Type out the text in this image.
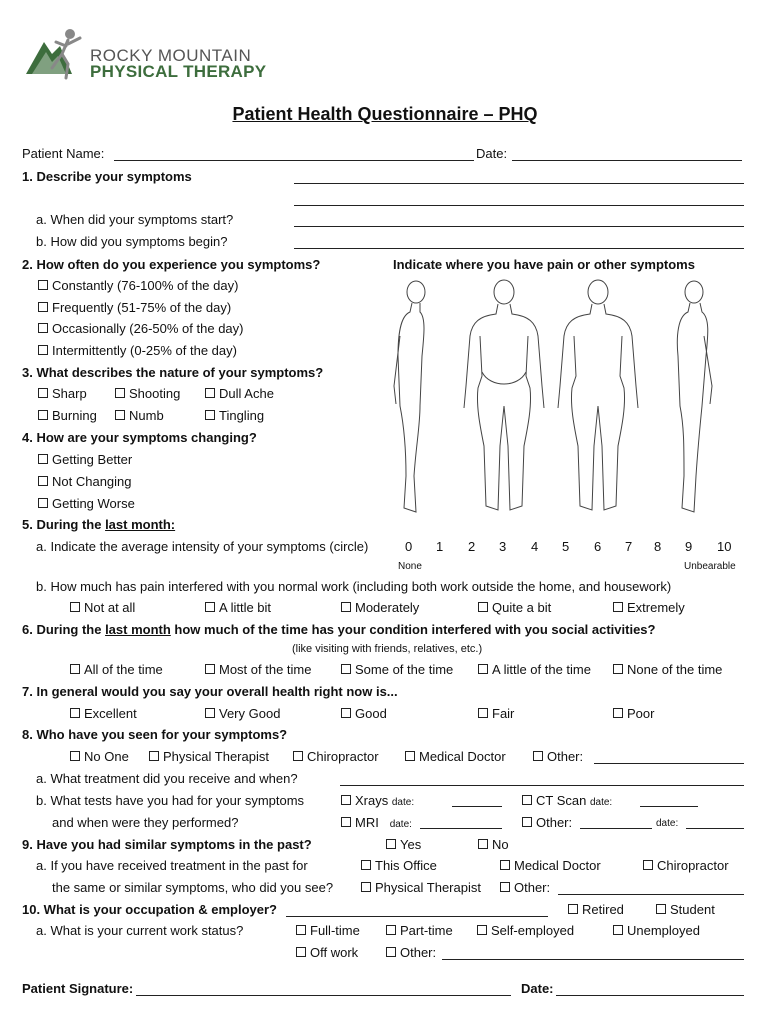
ROCKY MOUNTAIN
PHYSICAL THERAPY
Patient Health Questionnaire – PHQ
Patient Name:	Date:
1. Describe your symptoms
a. When did your symptoms start?
b. How did you symptoms begin?
2. How often do you experience you symptoms?	Indicate where you have pain or other symptoms
Constantly (76-100% of the day)
Frequently (51-75% of the day)
Occasionally (26-50% of the day)
Intermittently (0-25% of the day)
3. What describes the nature of your symptoms?
Sharp	Shooting	Dull Ache
Burning	Numb	Tingling
4. How are your symptoms changing?
Getting Better
Not Changing
Getting Worse
5. During the last month:
a. Indicate the average intensity of your symptoms (circle)	0 1 2 3 4 5 6 7 8 9 10
None	Unbearable
b. How much has pain interfered with you normal work (including both work outside the home, and housework)
Not at all	A little bit	Moderately	Quite a bit	Extremely
6. During the last month how much of the time has your condition interfered with you social activities?
(like visiting with friends, relatives, etc.)
All of the time	Most of the time	Some of the time	A little of the time	None of the time
7. In general would you say your overall health right now is...
Excellent	Very Good	Good	Fair	Poor
8. Who have you seen for your symptoms?
No One	Physical Therapist	Chiropractor	Medical Doctor	Other:
a. What treatment did you receive and when?
b. What tests have you had for your symptoms
and when were they performed?
Xrays date:	CT Scan date:
MRI date:	Other:	date:
9. Have you had similar symptoms in the past?	Yes	No
a. If you have received treatment in the past for
the same or similar symptoms, who did you see?
This Office	Medical Doctor	Chiropractor
Physical Therapist	Other:
10. What is your occupation & employer?	Retired	Student
a. What is your current work status?	Full-time	Part-time	Self-employed	Unemployed
Off work	Other:
Patient Signature:	Date:
